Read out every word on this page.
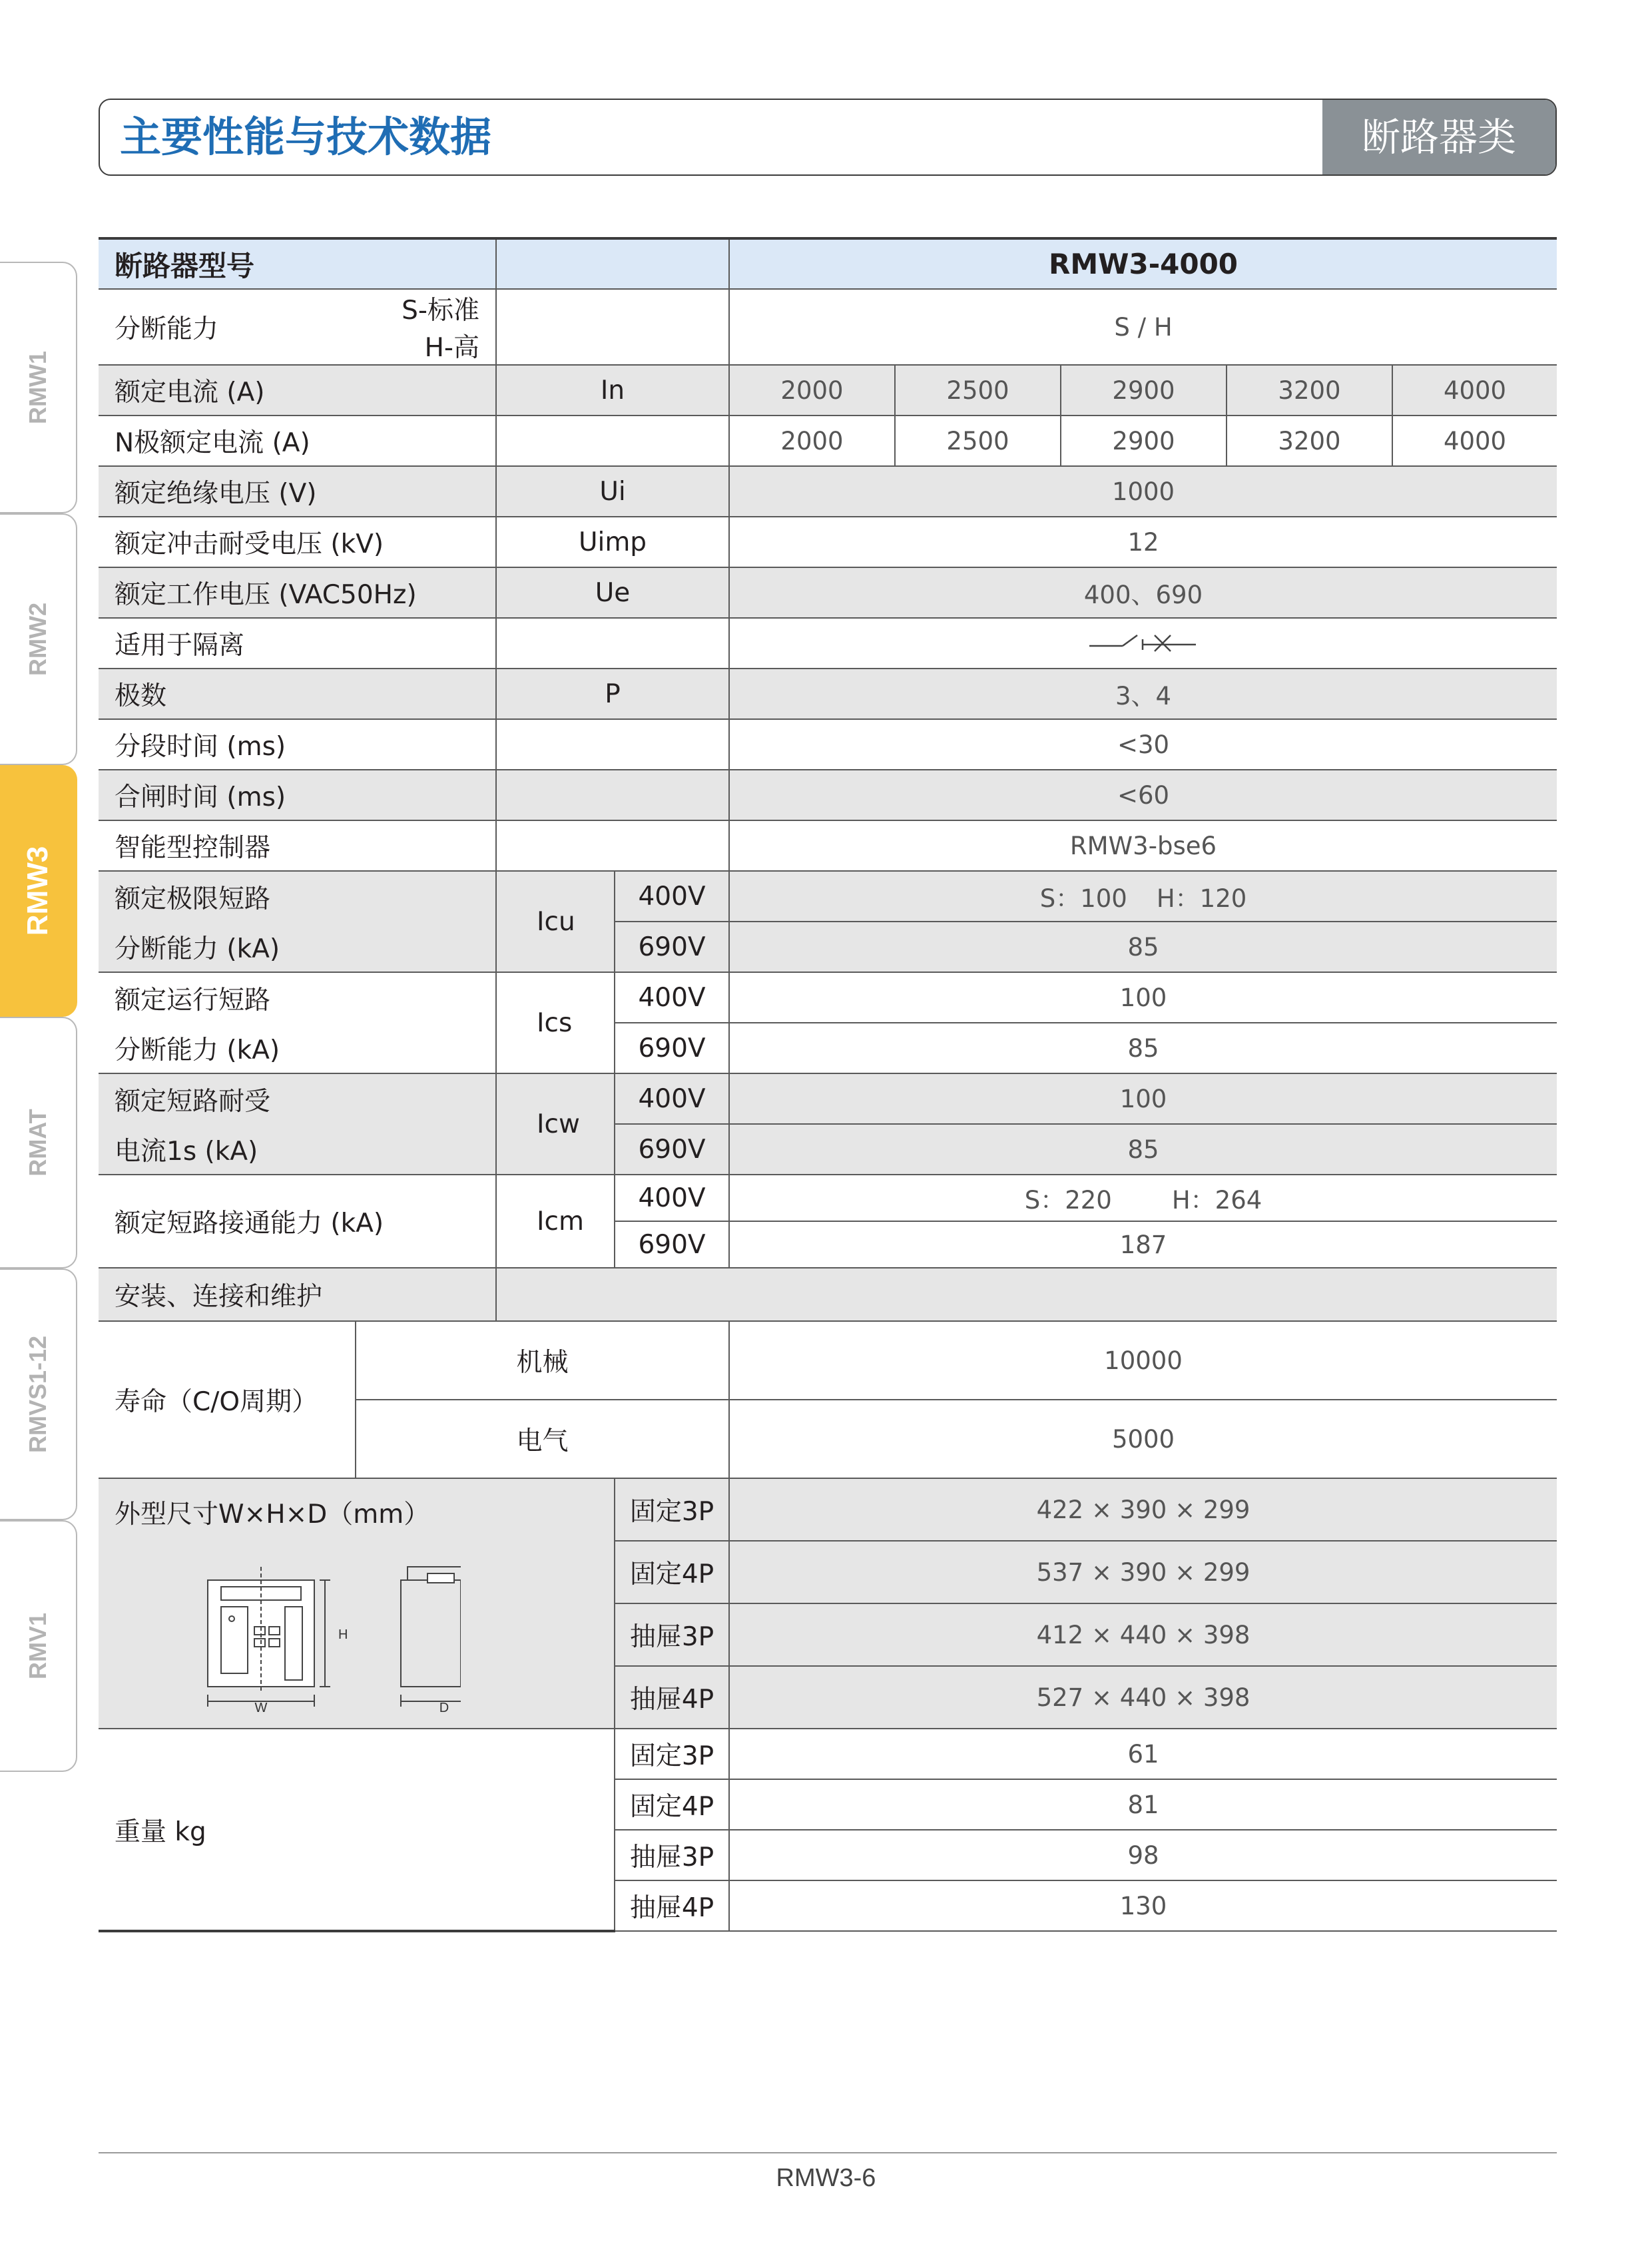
主要性能与技术数据	断路器类
RMW1
RMW2
RMW3
RMAT
RMVS1-12
RMV1
断路器型号				RMW3-4000				
分断能力	S-标准 H-高			S / H				
额定电流 (A)		In		2000	2500	2900	3200	4000
N极额定电流 (A)				2000	2500	2900	3200	4000
额定绝缘电压 (V)		Ui		1000				
额定冲击耐受电压 (kV)		Uimp		12				
额定工作电压 (VAC50Hz)		Ue		400、690				
适用于隔离		
极数		P		3、4				
分段时间 (ms)				<30				
合闸时间 (ms)				<60				
智能型控制器				RMW3-bse6				
额定极限短路		Icu	400V	S：100 H：120				
分断能力 (kA)			690V	85				
额定运行短路		Ics	400V	100				
分断能力 (kA)			690V	85				
额定短路耐受		Icw	400V	100				
电流1s (kA)			690V	85				
额定短路接通能力 (kA)		Icm	400V	S：220 H：264				
			690V	187				
安装、连接和维护								
寿命（C/O周期）	机械			10000				
	电气			5000				
外型尺寸W×H×D（mm）
W
H
D			固定3P	422 × 390 × 299				
			固定4P	537 × 390 × 299				
			抽屉3P	412 × 440 × 398				
			抽屉4P	527 × 440 × 398				
重量 kg			固定3P	61				
			固定4P	81				
			抽屉3P	98				
			抽屉4P	130				
RMW3-6
